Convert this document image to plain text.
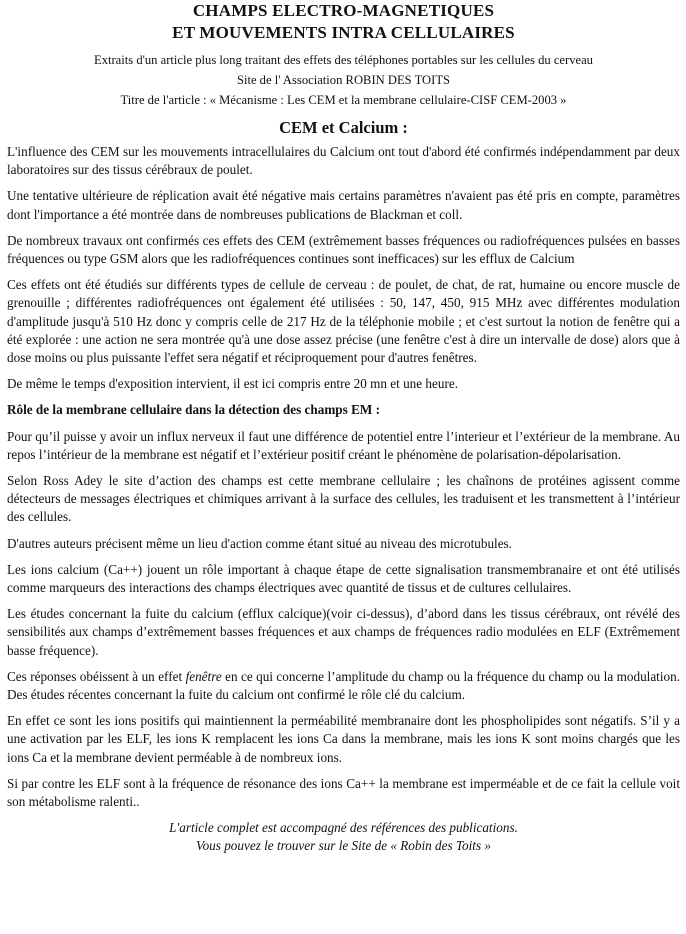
CHAMPS ELECTRO-MAGNETIQUES
ET MOUVEMENTS INTRA CELLULAIRES

Extraits d'un article plus long traitant des effets des téléphones portables sur les cellules du cerveau

Site de l' Association ROBIN DES TOITS

Titre de l'article : « Mécanisme : Les CEM et la membrane cellulaire-CISF CEM-2003 »

CEM et Calcium :

L'influence des CEM sur les mouvements intracellulaires du Calcium ont tout d'abord été confirmés indépendamment par deux laboratoires sur des tissus cérébraux de poulet.

Une tentative ultérieure de réplication avait été négative mais certains paramètres n'avaient pas été pris en compte, paramètres dont l'importance a été montrée dans de nombreuses publications de Blackman et coll.

De nombreux travaux ont confirmés ces effets des CEM (extrêmement basses fréquences ou radiofréquences pulsées en basses fréquences ou type GSM alors que les radiofréquences continues sont inefficaces) sur les efflux de Calcium

Ces effets ont été étudiés sur différents types de cellule de cerveau : de poulet, de chat, de rat, humaine ou encore muscle de grenouille ; différentes radiofréquences ont également été utilisées : 50, 147, 450, 915 MHz avec différentes modulation d'amplitude jusqu'à 510 Hz donc y compris celle de 217 Hz de la téléphonie mobile ; et c'est surtout la notion de fenêtre qui a été explorée : une action ne sera montrée qu'à une dose assez précise (une fenêtre c'est à dire un intervalle de dose) alors que à dose moins ou plus puissante l'effet sera négatif et réciproquement pour d'autres fenêtres.

De même le temps d'exposition intervient, il est ici compris entre 20 mn et une heure.

Rôle de la membrane cellulaire dans la détection des champs EM :

Pour qu’il puisse y avoir un influx nerveux il faut une différence de potentiel entre l’interieur et l’extérieur de la membrane. Au repos l’intérieur de la membrane est négatif et l’extérieur positif créant le phénomène de polarisation-dépolarisation.

Selon Ross Adey le site d’action des champs est cette membrane cellulaire ; les chaînons de protéines agissent comme détecteurs de messages électriques et chimiques arrivant à la surface des cellules, les traduisent et les transmettent à l’intérieur des cellules.

D'autres auteurs précisent même un lieu d'action comme étant situé au niveau des microtubules.

Les ions calcium (Ca++) jouent un rôle important à chaque étape de cette signalisation transmembranaire et ont été utilisés comme marqueurs des interactions des champs électriques avec quantité de tissus et de cultures cellulaires.

Les études concernant la fuite du calcium (efflux calcique)(voir ci-dessus), d’abord dans les tissus cérébraux, ont révélé des sensibilités aux champs d’extrêmement basses fréquences et aux champs de fréquences radio modulées en ELF (Extrêmement basse fréquence).

Ces réponses obéissent à un effet fenêtre en ce qui concerne l’amplitude du champ ou la fréquence du champ ou la modulation. Des études récentes concernant la fuite du calcium ont confirmé le rôle clé du calcium.

En effet ce sont les ions positifs qui maintiennent la perméabilité membranaire dont les phospholipides sont négatifs. S’il y a une activation par les ELF, les ions K remplacent les ions Ca dans la membrane, mais les ions K sont moins chargés que les ions Ca et la membrane devient perméable à de nombreux ions.

Si par contre les ELF sont à la fréquence de résonance des ions Ca++ la membrane est imperméable et de ce fait la cellule voit son métabolisme ralenti..

L'article complet est accompagné des références des publications.
Vous pouvez le trouver sur le Site de « Robin des Toits »
